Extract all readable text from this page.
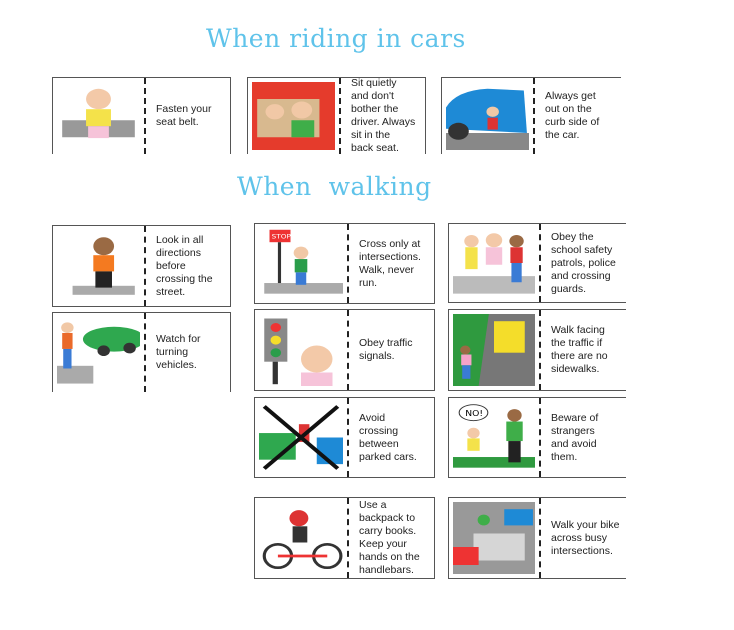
When riding in cars
When  walking
Fasten your
seat belt.
Sit quietly
and don't
bother the
driver. Always
sit in the
back seat.
Always get
out on the
curb side of
the car.
Look in all
directions
before
crossing the
street.
Watch for
turning
vehicles.
STOP
Cross only at
intersections.
Walk, never
run.
Obey traffic
signals.
Avoid
crossing
between
parked cars.
Use a
backpack to
carry books.
Keep your
hands on the
handlebars.
Obey the
school safety
patrols, police
and crossing
guards.
Walk facing
the traffic if
there are no
sidewalks.
NO!	Beware of
strangers
and avoid
them.
Walk your bike
across busy
intersections.
